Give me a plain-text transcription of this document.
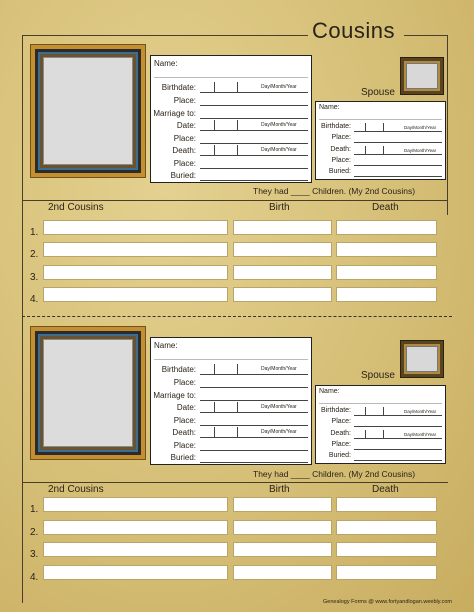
Cousins
Name:
Birthdate:	Day/Month/Year
Place:
Marriage to:
Date:	Day/Month/Year
Place:
Death:	Day/Month/Year
Place:
Buried:
Spouse
Name:
Birthdate:	Day/Month/Year
Place:
Death:	Day/Month/Year
Place:
Buried:
They had ____ Children. (My 2nd Cousins)
2nd Cousins	Birth	Death
1.
2.
3.
4.
Name:
Birthdate:	Day/Month/Year
Place:
Marriage to:
Date:	Day/Month/Year
Place:
Death:	Day/Month/Year
Place:
Buried:
Spouse
Name:
Birthdate:	Day/Month/Year
Place:
Death:	Day/Month/Year
Place:
Buried:
They had ____ Children. (My 2nd Cousins)
2nd Cousins	Birth	Death
1.
2.
3.
4.
Genealogy Forms @ www.fortyandlogan.weebly.com
